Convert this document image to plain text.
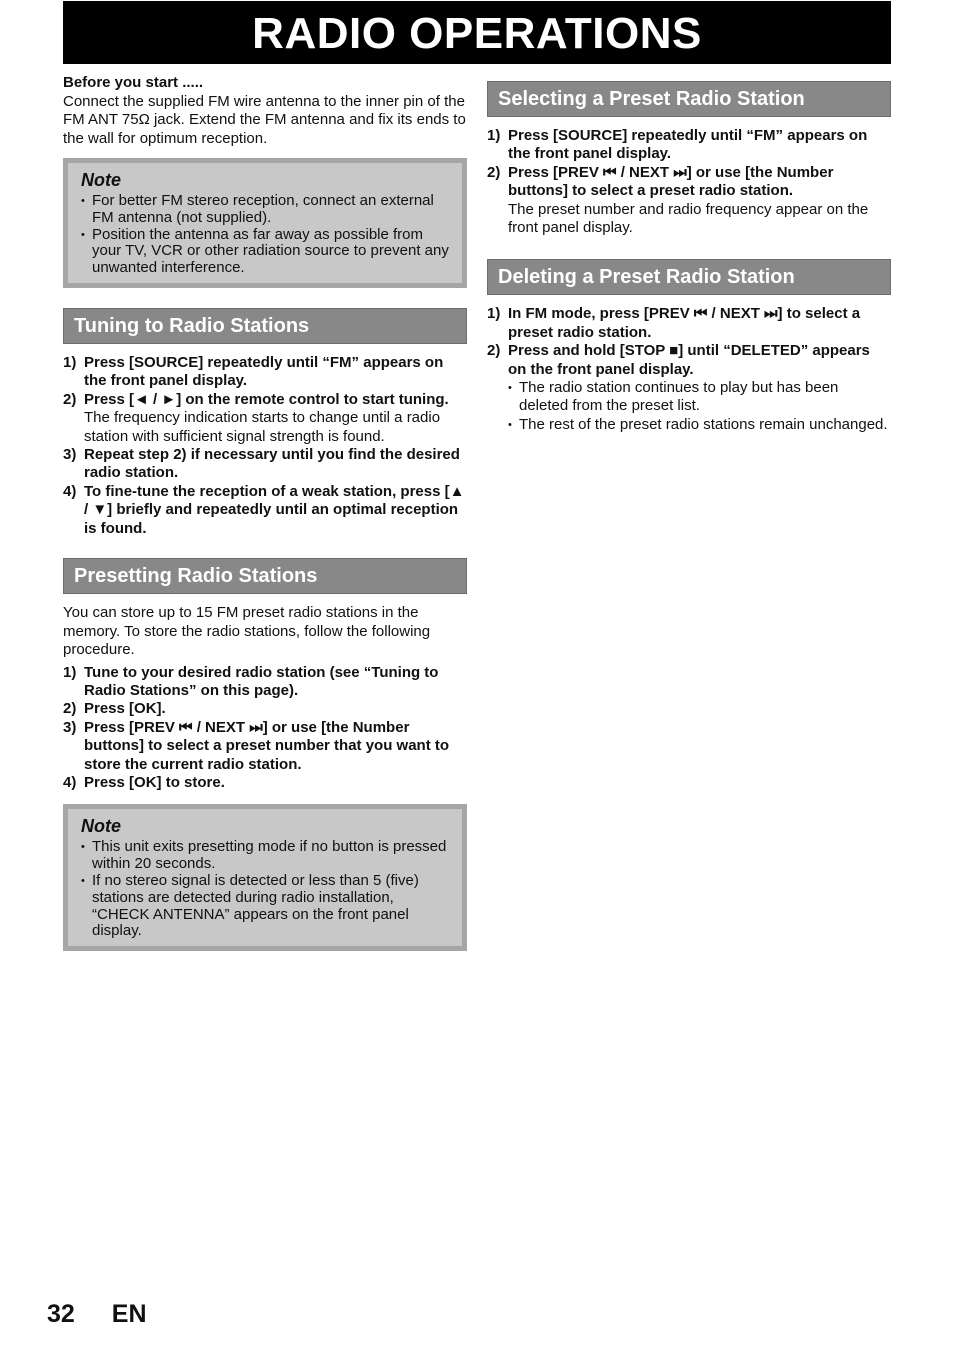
RADIO OPERATIONS

Before you start .....

Connect the supplied FM wire antenna to the inner pin of the FM ANT 75Ω jack. Extend the FM antenna and fix its ends to the wall for optimum reception.

Note
• For better FM stereo reception, connect an external FM antenna (not supplied).
• Position the antenna as far away as possible from your TV, VCR or other radiation source to prevent any unwanted interference.
Tuning to Radio Stations
1) Press [SOURCE] repeatedly until “FM” appears on the front panel display.
2) Press [◄ / ►] on the remote control to start tuning.
The frequency indication starts to change until a radio station with sufficient signal strength is found.
3) Repeat step 2) if necessary until you find the desired radio station.
4) To fine-tune the reception of a weak station, press [▲ / ▼] briefly and repeatedly until an optimal reception is found.
Presetting Radio Stations

You can store up to 15 FM preset radio stations in the memory. To store the radio stations, follow the following procedure.

1) Tune to your desired radio station (see “Tuning to Radio Stations” on this page).
2) Press [OK].
3) Press [PREV ⏮ / NEXT ⏭] or use [the Number buttons] to select a preset number that you want to store the current radio station.
4) Press [OK] to store.
Note
• This unit exits presetting mode if no button is pressed within 20 seconds.
• If no stereo signal is detected or less than 5 (five) stations are detected during radio installation, “CHECK ANTENNA” appears on the front panel display.
Selecting a Preset Radio Station
1) Press [SOURCE] repeatedly until “FM” appears on the front panel display.
2) Press [PREV ⏮ / NEXT ⏭] or use [the Number buttons] to select a preset radio station.
The preset number and radio frequency appear on the front panel display.
Deleting a Preset Radio Station
1) In FM mode, press [PREV ⏮ / NEXT ⏭] to select a preset radio station.
2) Press and hold [STOP ■] until “DELETED” appears on the front panel display.
• The radio station continues to play but has been deleted from the preset list.
• The rest of the preset radio stations remain unchanged.
32 EN
